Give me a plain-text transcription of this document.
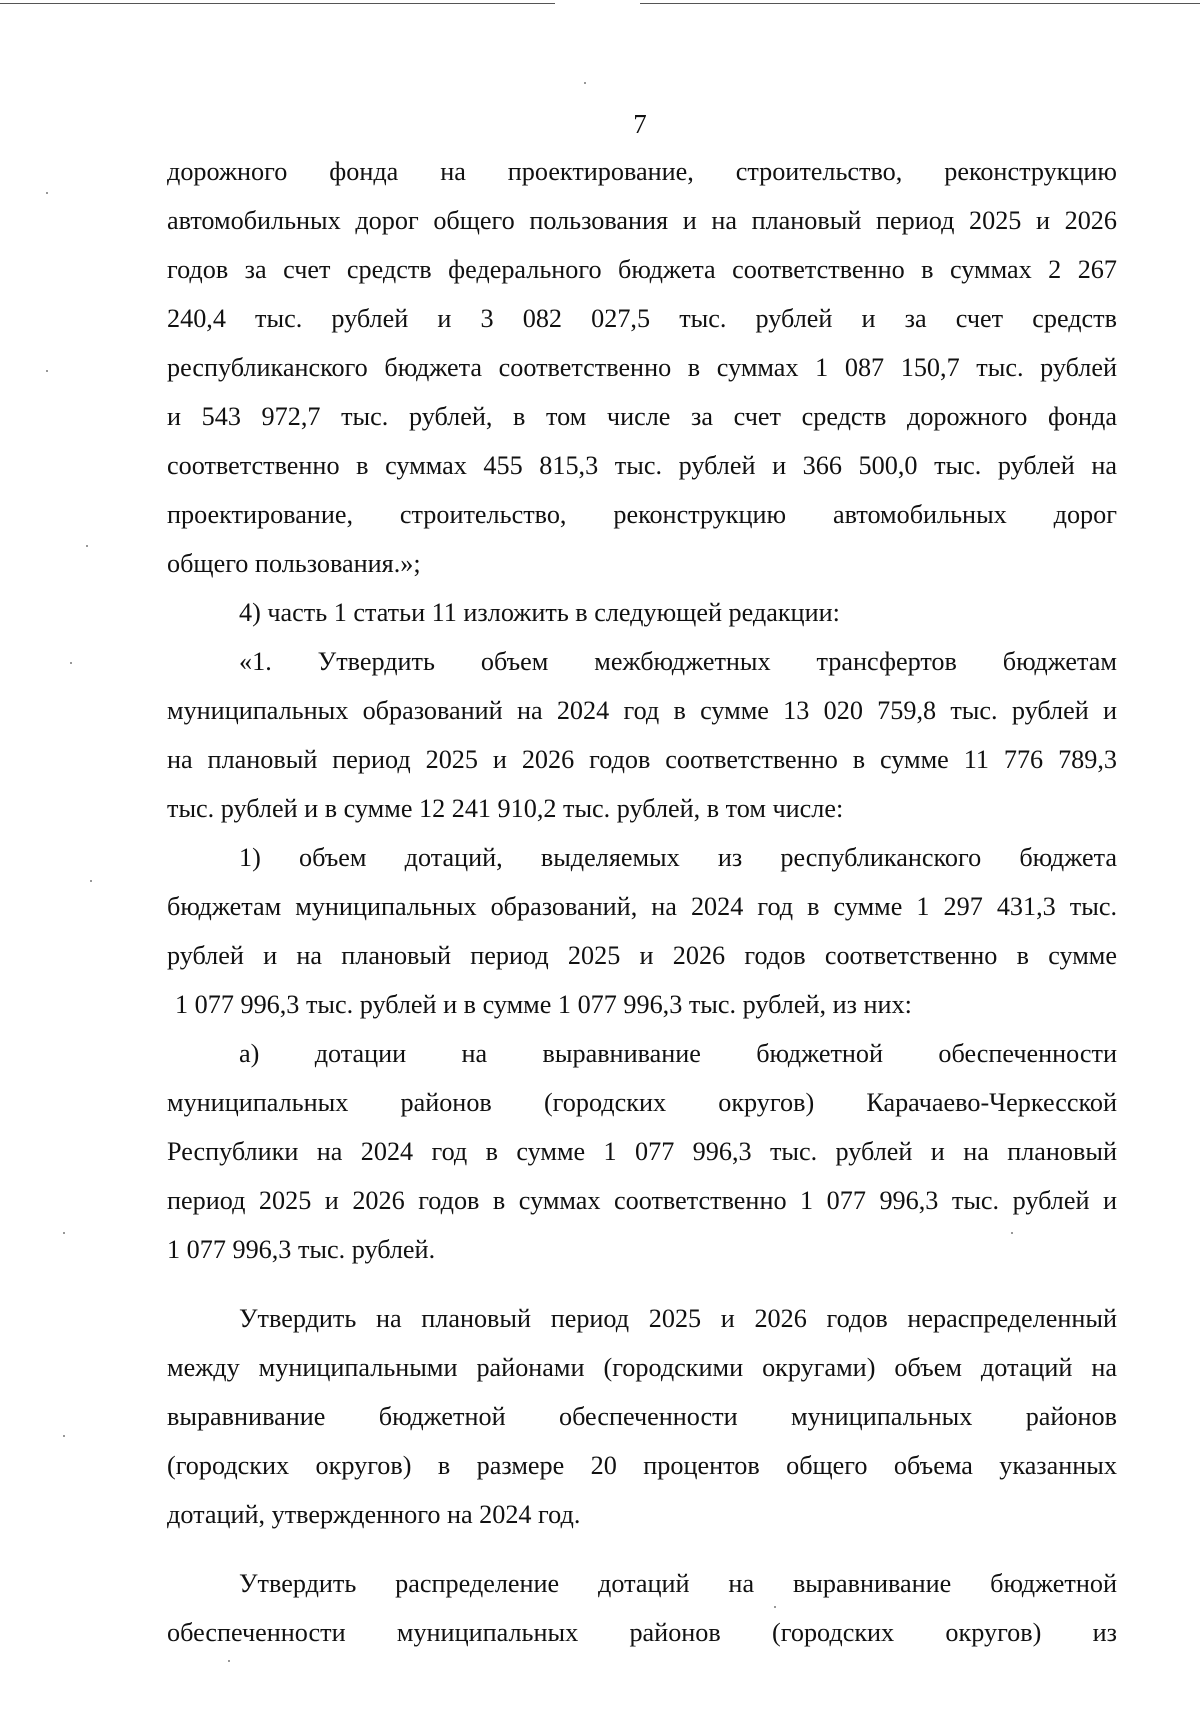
7

дорожного фонда на проектирование, строительство, реконструкцию
автомобильных дорог общего пользования и на плановый период 2025 и 2026
годов за счет средств федерального бюджета соответственно в суммах 2 267
240,4 тыс. рублей и 3 082 027,5 тыс. рублей и за счет средств
республиканского бюджета соответственно в суммах 1 087 150,7 тыс. рублей
и 543 972,7 тыс. рублей, в том числе за счет средств дорожного фонда
соответственно в суммах 455 815,3 тыс. рублей и 366 500,0 тыс. рублей на
проектирование, строительство, реконструкцию автомобильных дорог
общего пользования.»;

4) часть 1 статьи 11 изложить в следующей редакции:

«1. Утвердить объем межбюджетных трансфертов бюджетам
муниципальных образований на 2024 год в сумме 13 020 759,8 тыс. рублей и
на плановый период 2025 и 2026 годов соответственно в сумме 11 776 789,3
тыс. рублей и в сумме 12 241 910,2 тыс. рублей, в том числе:

1) объем дотаций, выделяемых из республиканского бюджета
бюджетам муниципальных образований, на 2024 год в сумме 1 297 431,3 тыс.
рублей и на плановый период 2025 и 2026 годов соответственно в сумме
1 077 996,3 тыс. рублей и в сумме 1 077 996,3 тыс. рублей, из них:

а) дотации на выравнивание бюджетной обеспеченности
муниципальных районов (городских округов) Карачаево-Черкесской
Республики на 2024 год в сумме 1 077 996,3 тыс. рублей и на плановый
период 2025 и 2026 годов в суммах соответственно 1 077 996,3 тыс. рублей и
1 077 996,3 тыс. рублей.

Утвердить на плановый период 2025 и 2026 годов нераспределенный
между муниципальными районами (городскими округами) объем дотаций на
выравнивание бюджетной обеспеченности муниципальных районов
(городских округов) в размере 20 процентов общего объема указанных
дотаций, утвержденного на 2024 год.

Утвердить распределение дотаций на выравнивание бюджетной
обеспеченности муниципальных районов (городских округов) из
